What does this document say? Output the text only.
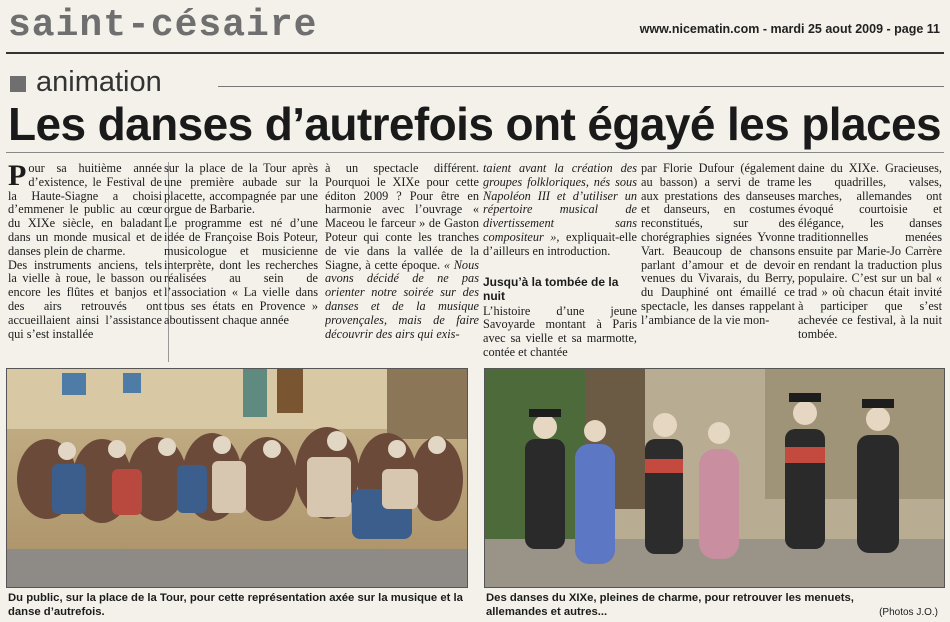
saint-césaire	www.nicematin.com - mardi 25 aout 2009 - page 11
animation
Les danses d’autrefois ont égayé les places
P our sa huitième année d’existence, le Festival de la Haute-Siagne a choisi d’emmener le public au cœur du XIXe siècle, en baladant dans un monde musical et de danses plein de charme.

Des instruments anciens, tels la vielle à roue, le basson ou encore les flûtes et banjos et des airs retrouvés ont accueillaient ainsi l’assistance qui s’est installée

sur la place de la Tour après une première aubade sur la placette, accompagnée par une orgue de Barbarie.

Le programme est né d’une idée de Françoise Bois Poteur, musicologue et musicienne interprète, dont les recherches réalisées au sein de l’association « La vielle dans tous ses états en Provence » aboutissent chaque année

à un spectacle différent. Pourquoi le XIXe pour cette éditon 2009 ? Pour être en harmonie avec l’ouvrage « Maceou le farceur » de Gaston Poteur qui conte les tranches de vie dans la vallée de la Siagne, à cette époque. « Nous avons décidé de ne pas orienter notre soirée sur des danses et de la musique provençales, mais de faire découvrir des airs qui exis-

taient avant la création des groupes folkloriques, nés sous Napoléon III et d’utiliser un répertoire musical de divertissement sans compositeur », expliquait-elle d’ailleurs en introduction.

Jusqu’à la tombée de la nuit

L’histoire d’une jeune Savoyarde montant à Paris avec sa vielle et sa marmotte, contée et chantée

par Florie Dufour (également au basson) a servi de trame aux prestations des danseuses et danseurs, en costumes reconstitués, sur des chorégraphies signées Yvonne Vart. Beaucoup de chansons parlant d’amour et de devoir venues du Vivarais, du Berry, du Dauphiné ont émaillé ce spectacle, les danses rappelant l’ambiance de la vie mon-

daine du XIXe. Gracieuses, les quadrilles, valses, marches, allemandes ont évoqué courtoisie et élégance, les danses traditionnelles menées ensuite par Marie-Jo Carrère en rendant la traduction plus populaire. C’est sur un bal « trad » où chacun était invité à participer que s’est achevée ce festival, à la nuit tombée.

Du public, sur la place de la Tour, pour cette représentation axée sur la musique et la danse d’autrefois.
Des danses du XIXe, pleines de charme, pour retrouver les menuets, allemandes et autres...	(Photos J.O.)
